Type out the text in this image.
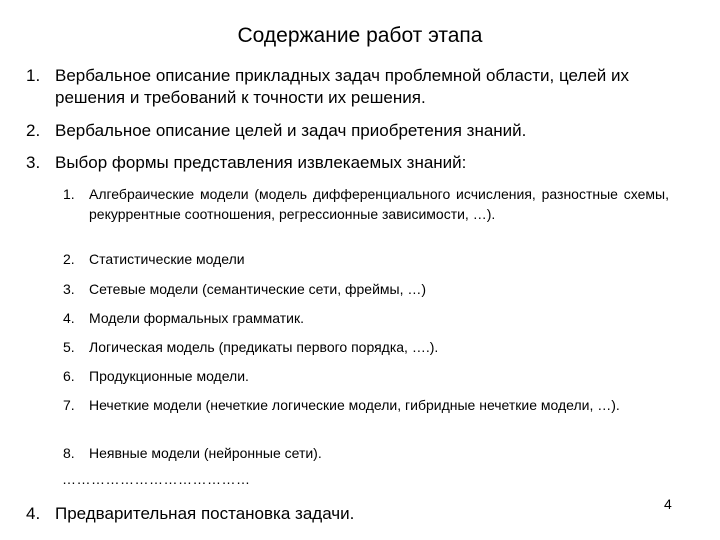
Содержание работ этапа
1. Вербальное описание прикладных задач проблемной области, целей их решения и требований к точности их решения.
2. Вербальное описание целей и задач приобретения знаний.
3. Выбор формы представления извлекаемых знаний:
1. Алгебраические модели (модель дифференциального исчисления, разностные схемы, рекуррентные соотношения, регрессионные зависимости, …).
2. Статистические модели
3. Сетевые модели (семантические сети, фреймы, …)
4. Модели формальных грамматик.
5. Логическая модель (предикаты первого порядка, ….).
6. Продукционные модели.
7. Нечеткие модели (нечеткие логические модели, гибридные нечеткие модели, …).
8. Неявные модели (нейронные сети).
…………………………………
4. Предварительная постановка задачи.	4
